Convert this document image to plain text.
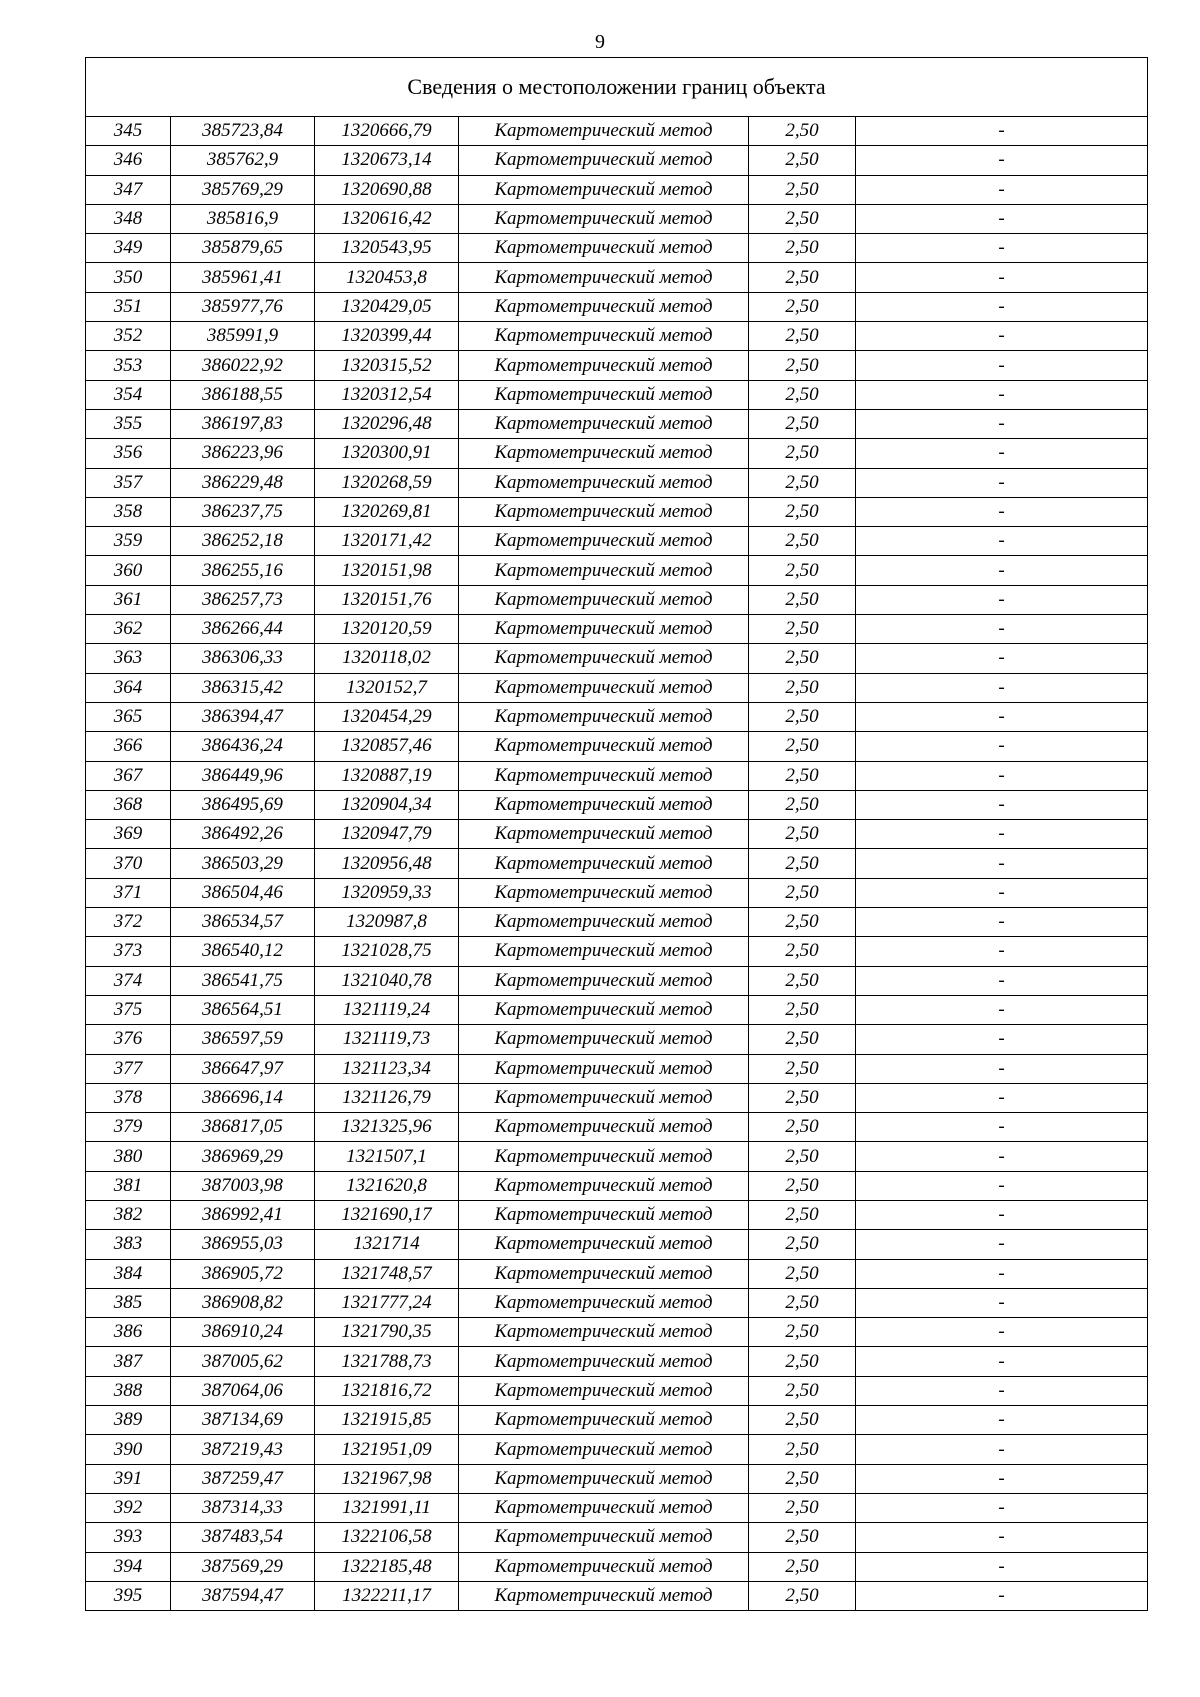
9
Сведения о местоположении границ объекта					
345	385723,84	1320666,79	Картометрический метод	2,50	-
346	385762,9	1320673,14	Картометрический метод	2,50	-
347	385769,29	1320690,88	Картометрический метод	2,50	-
348	385816,9	1320616,42	Картометрический метод	2,50	-
349	385879,65	1320543,95	Картометрический метод	2,50	-
350	385961,41	1320453,8	Картометрический метод	2,50	-
351	385977,76	1320429,05	Картометрический метод	2,50	-
352	385991,9	1320399,44	Картометрический метод	2,50	-
353	386022,92	1320315,52	Картометрический метод	2,50	-
354	386188,55	1320312,54	Картометрический метод	2,50	-
355	386197,83	1320296,48	Картометрический метод	2,50	-
356	386223,96	1320300,91	Картометрический метод	2,50	-
357	386229,48	1320268,59	Картометрический метод	2,50	-
358	386237,75	1320269,81	Картометрический метод	2,50	-
359	386252,18	1320171,42	Картометрический метод	2,50	-
360	386255,16	1320151,98	Картометрический метод	2,50	-
361	386257,73	1320151,76	Картометрический метод	2,50	-
362	386266,44	1320120,59	Картометрический метод	2,50	-
363	386306,33	1320118,02	Картометрический метод	2,50	-
364	386315,42	1320152,7	Картометрический метод	2,50	-
365	386394,47	1320454,29	Картометрический метод	2,50	-
366	386436,24	1320857,46	Картометрический метод	2,50	-
367	386449,96	1320887,19	Картометрический метод	2,50	-
368	386495,69	1320904,34	Картометрический метод	2,50	-
369	386492,26	1320947,79	Картометрический метод	2,50	-
370	386503,29	1320956,48	Картометрический метод	2,50	-
371	386504,46	1320959,33	Картометрический метод	2,50	-
372	386534,57	1320987,8	Картометрический метод	2,50	-
373	386540,12	1321028,75	Картометрический метод	2,50	-
374	386541,75	1321040,78	Картометрический метод	2,50	-
375	386564,51	1321119,24	Картометрический метод	2,50	-
376	386597,59	1321119,73	Картометрический метод	2,50	-
377	386647,97	1321123,34	Картометрический метод	2,50	-
378	386696,14	1321126,79	Картометрический метод	2,50	-
379	386817,05	1321325,96	Картометрический метод	2,50	-
380	386969,29	1321507,1	Картометрический метод	2,50	-
381	387003,98	1321620,8	Картометрический метод	2,50	-
382	386992,41	1321690,17	Картометрический метод	2,50	-
383	386955,03	1321714	Картометрический метод	2,50	-
384	386905,72	1321748,57	Картометрический метод	2,50	-
385	386908,82	1321777,24	Картометрический метод	2,50	-
386	386910,24	1321790,35	Картометрический метод	2,50	-
387	387005,62	1321788,73	Картометрический метод	2,50	-
388	387064,06	1321816,72	Картометрический метод	2,50	-
389	387134,69	1321915,85	Картометрический метод	2,50	-
390	387219,43	1321951,09	Картометрический метод	2,50	-
391	387259,47	1321967,98	Картометрический метод	2,50	-
392	387314,33	1321991,11	Картометрический метод	2,50	-
393	387483,54	1322106,58	Картометрический метод	2,50	-
394	387569,29	1322185,48	Картометрический метод	2,50	-
395	387594,47	1322211,17	Картометрический метод	2,50	-
